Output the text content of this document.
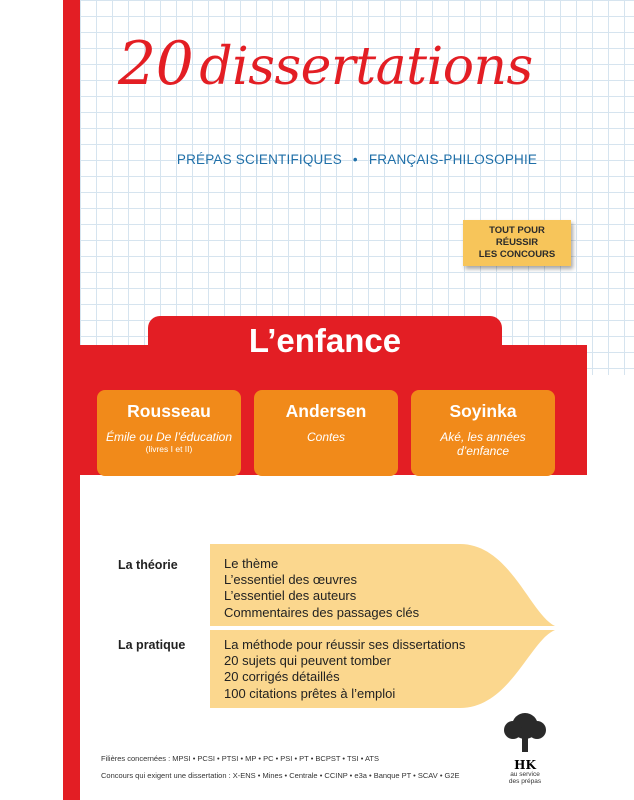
20 dissertations
PRÉPAS SCIENTIFIQUES • FRANÇAIS-PHILOSOPHIE
TOUT POUR
RÉUSSIR
LES CONCOURS
L’enfance
Rousseau
Émile ou De l’éducation
(livres I et II)
Andersen
Contes
Soyinka
Aké, les années d’enfance
La théorie	Le thème
L’essentiel des œuvres
L’essentiel des auteurs
Commentaires des passages clés
La pratique	La méthode pour réussir ses dissertations
20 sujets qui peuvent tomber
20 corrigés détaillés
100 citations prêtes à l’emploi
Filières concernées : MPSI • PCSI • PTSI • MP • PC • PSI • PT • BCPST • TSI • ATS
Concours qui exigent une dissertation : X-ENS • Mines • Centrale • CCINP • e3a • Banque PT • SCAV • G2E
HK
au service
des prépas
